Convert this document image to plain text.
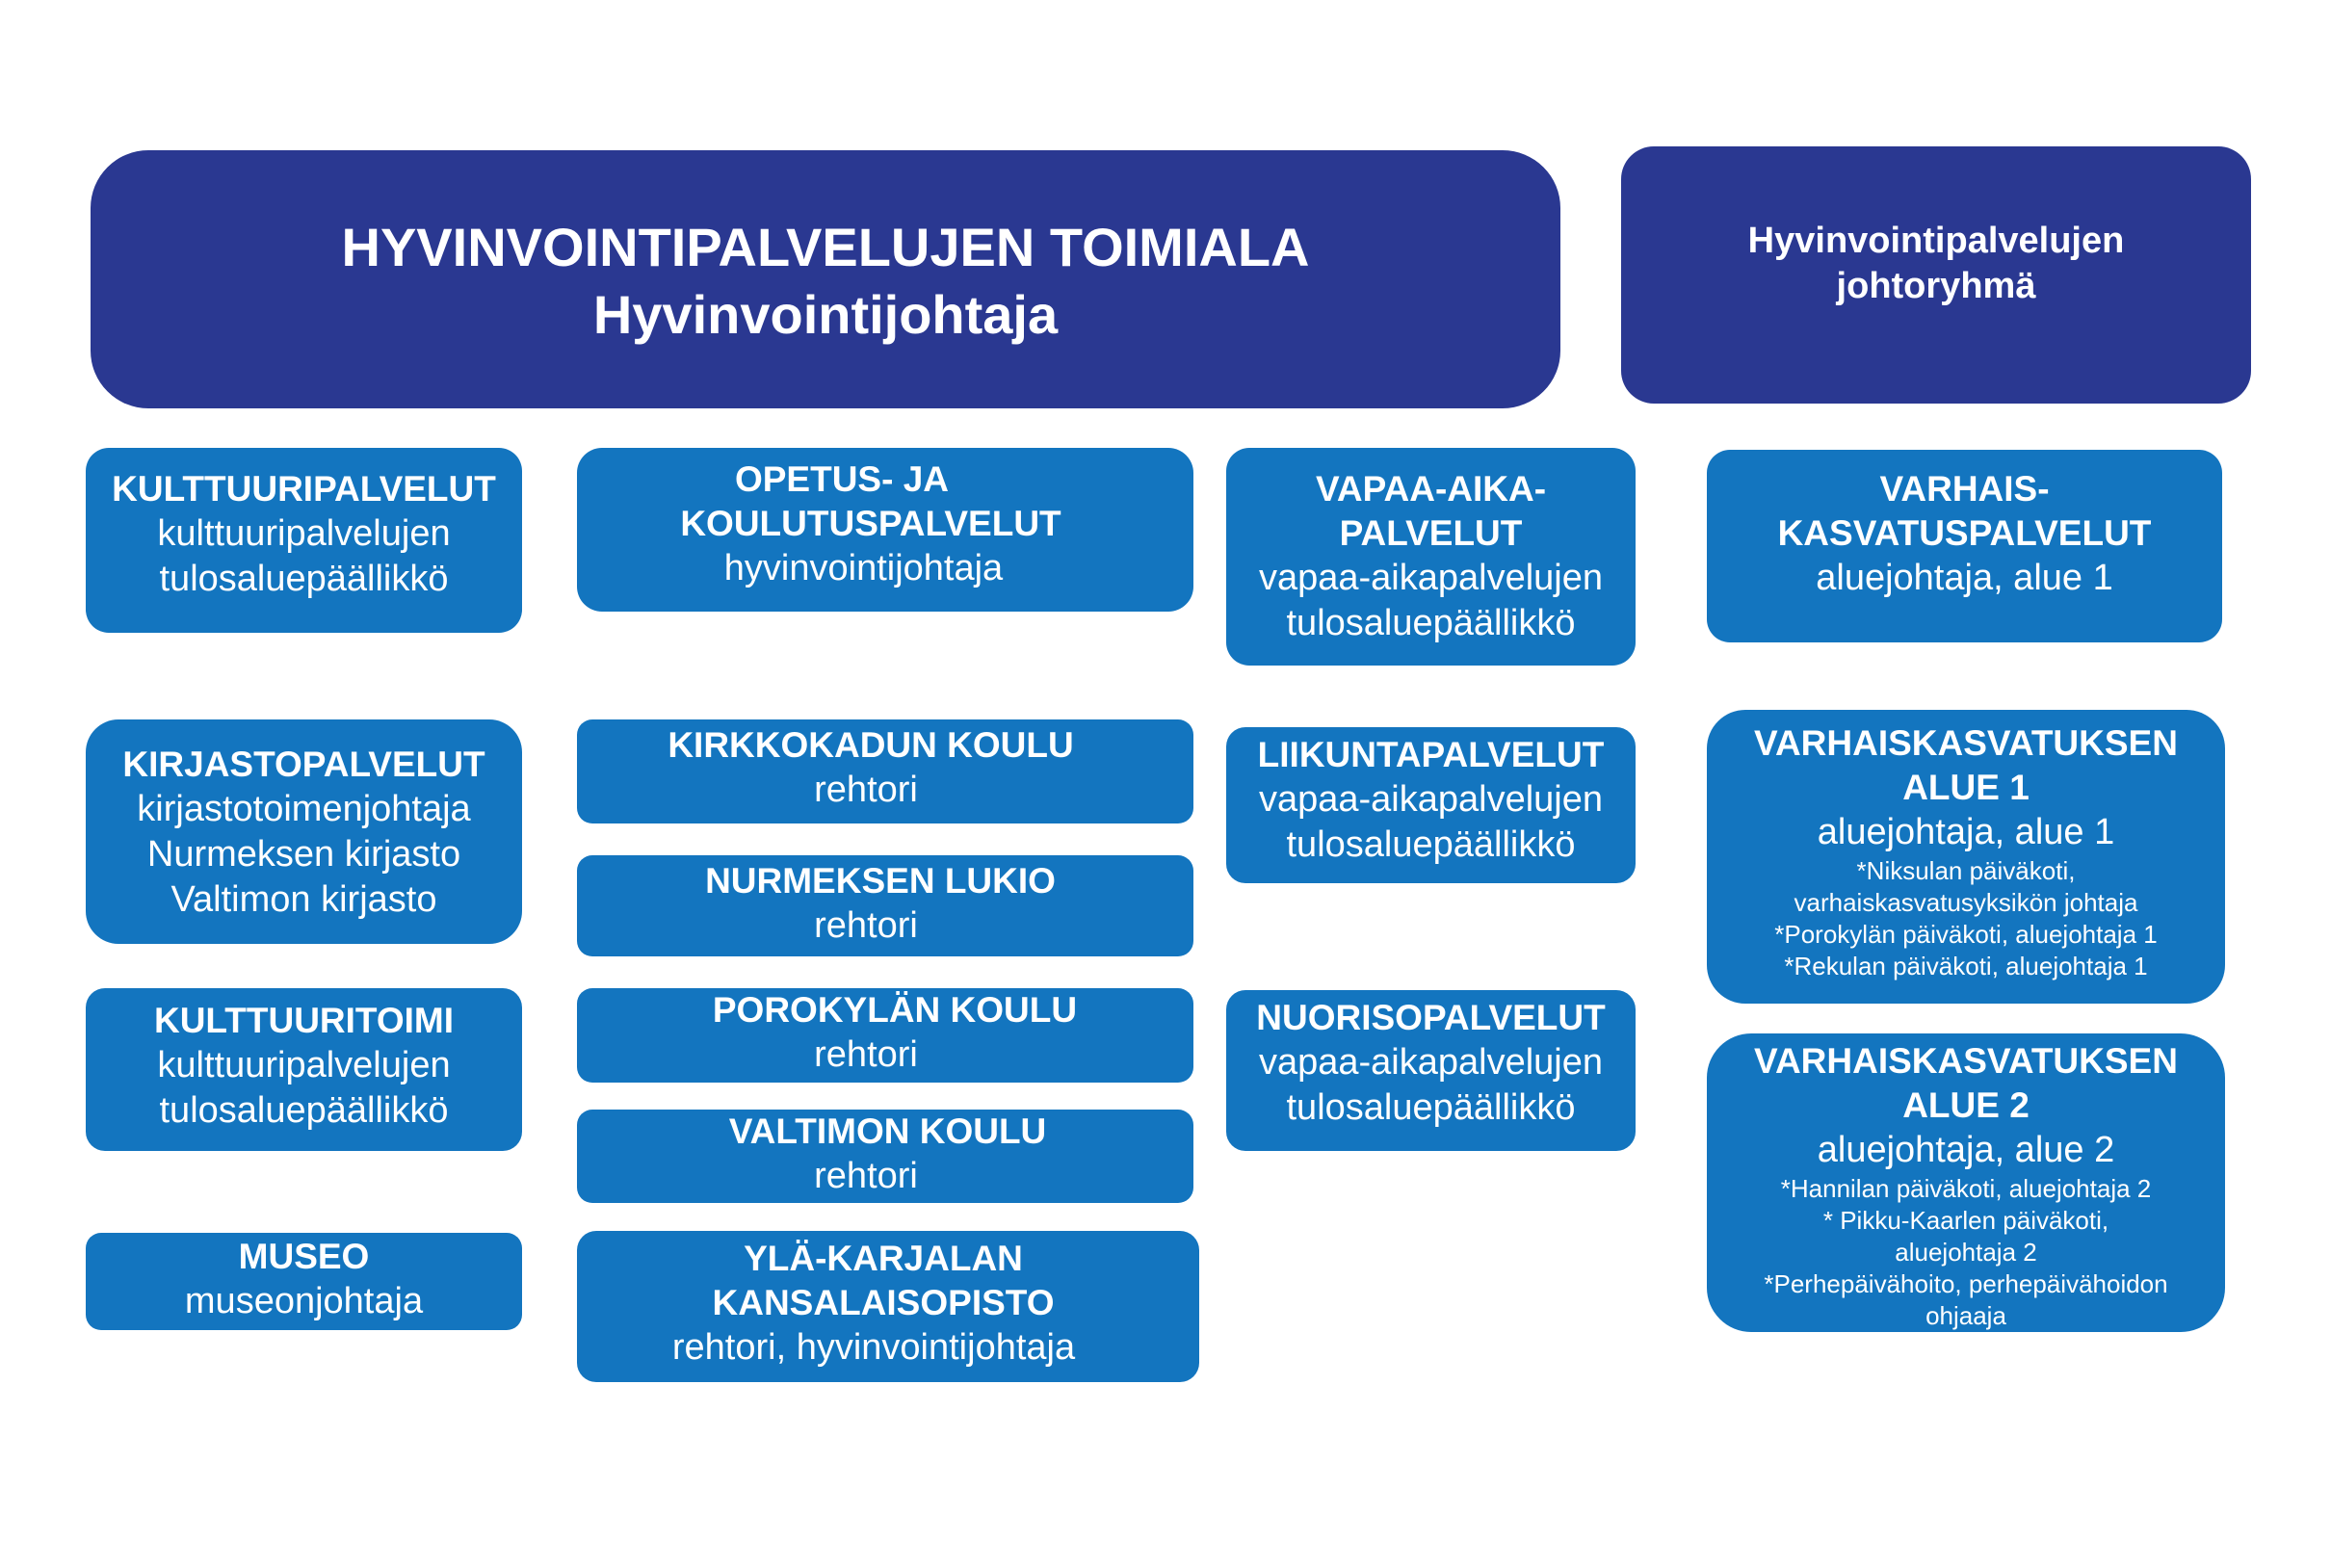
HYVINVOINTIPALVELUJEN TOIMIALA
Hyvinvointijohtaja
Hyvinvointipalvelujen
johtoryhmä
KULTTUURIPALVELUT
kulttuuripalvelujen
tulosaluepäällikkö
KIRJASTOPALVELUT
kirjastotoimenjohtaja
Nurmeksen kirjasto
Valtimon kirjasto
KULTTUURITOIMI
kulttuuripalvelujen
tulosaluepäällikkö
MUSEO
museonjohtaja
OPETUS- JA
KOULUTUSPALVELUT
hyvinvointijohtaja
KIRKKOKADUN KOULU
rehtori
NURMEKSEN LUKIO
rehtori
POROKYLÄN KOULU
rehtori
VALTIMON KOULU
rehtori
YLÄ-KARJALAN
KANSALAISOPISTO
rehtori, hyvinvointijohtaja
VAPAA-AIKA-
PALVELUT
vapaa-aikapalvelujen
tulosaluepäällikkö
LIIKUNTAPALVELUT
vapaa-aikapalvelujen
tulosaluepäällikkö
NUORISOPALVELUT
vapaa-aikapalvelujen
tulosaluepäällikkö
VARHAIS-
KASVATUSPALVELUT
aluejohtaja, alue 1
VARHAISKASVATUKSEN
ALUE 1
aluejohtaja, alue 1
*Niksulan päiväkoti,
varhaiskasvatusyksikön johtaja
*Porokylän päiväkoti, aluejohtaja 1
*Rekulan päiväkoti, aluejohtaja 1
VARHAISKASVATUKSEN
ALUE 2
aluejohtaja, alue 2
*Hannilan päiväkoti, aluejohtaja 2
* Pikku-Kaarlen päiväkoti,
aluejohtaja 2
*Perhepäivähoito, perhepäivähoidon
ohjaaja
